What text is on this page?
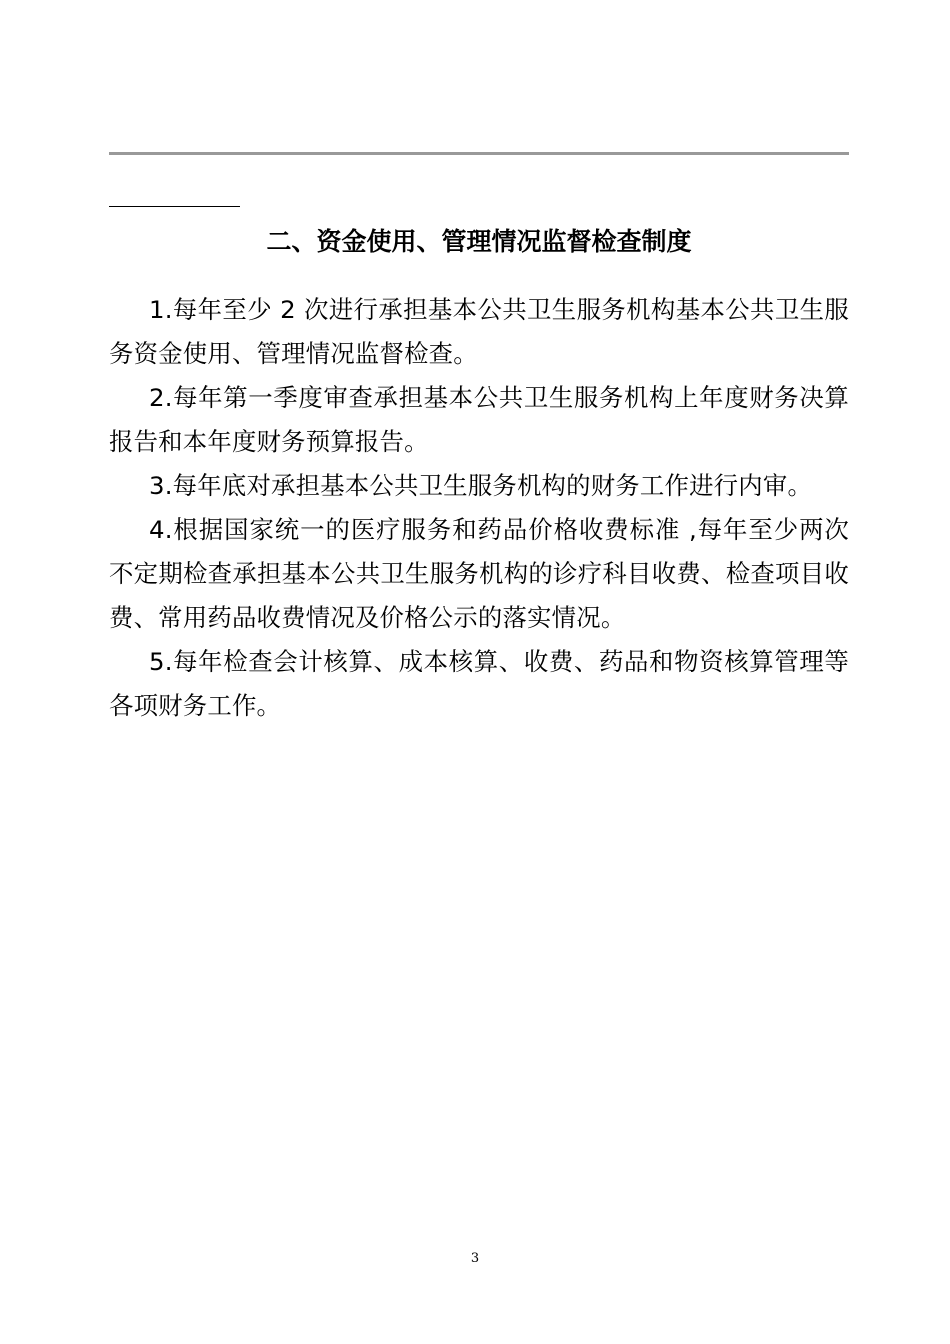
二、资金使用、管理情况监督检查制度

1.每年至少 2 次进行承担基本公共卫生服务机构基本公共卫生服务资金使用、管理情况监督检查。

2.每年第一季度审查承担基本公共卫生服务机构上年度财务决算报告和本年度财务预算报告。

3.每年底对承担基本公共卫生服务机构的财务工作进行内审。

4.根据国家统一的医疗服务和药品价格收费标准 ,每年至少两次不定期检查承担基本公共卫生服务机构的诊疗科目收费、检查项目收费、常用药品收费情况及价格公示的落实情况。

5.每年检查会计核算、成本核算、收费、药品和物资核算管理等各项财务工作。

3
